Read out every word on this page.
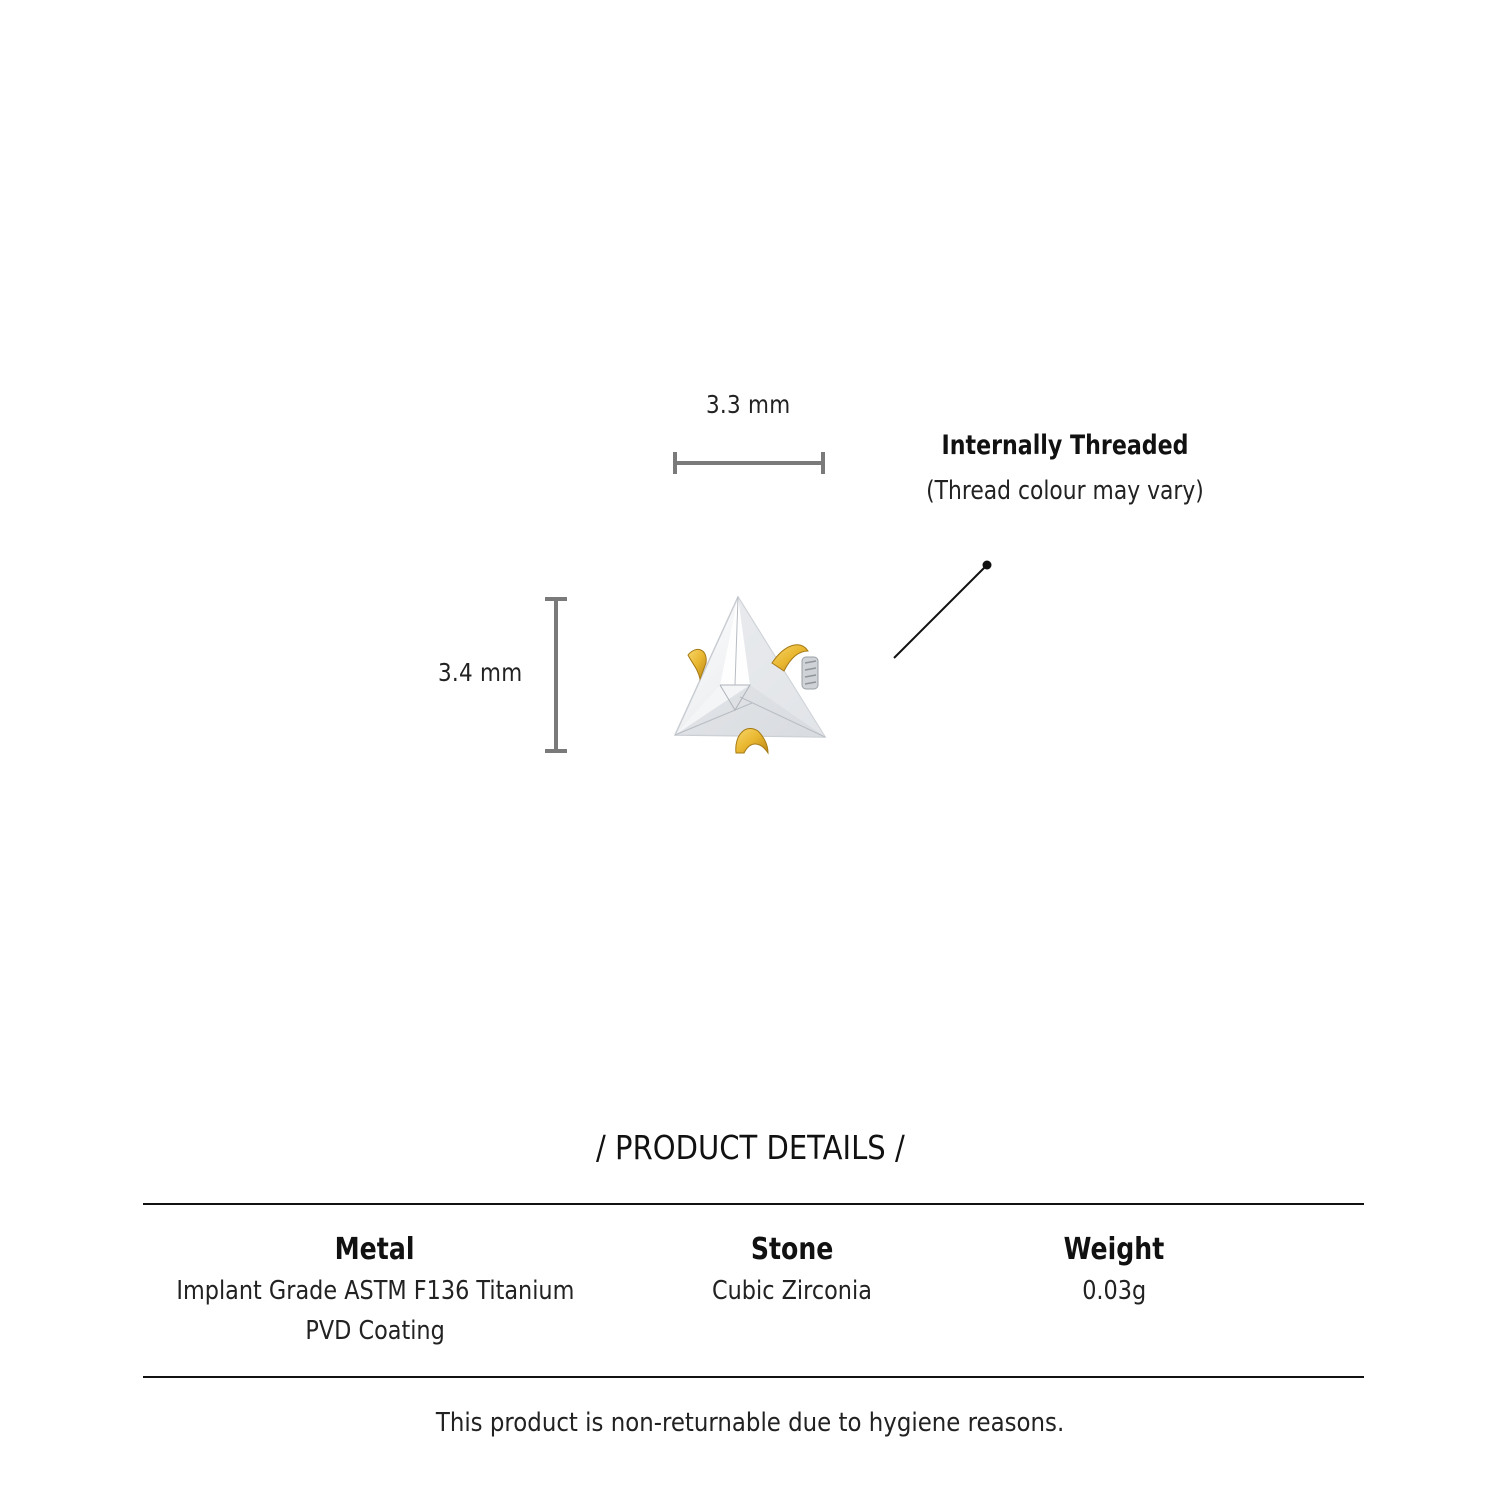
3.3 mm
3.4 mm
Internally Threaded
(Thread colour may vary)
/ PRODUCT DETAILS /
Metal
Implant Grade ASTM F136 Titanium
PVD Coating
Stone
Cubic Zirconia
Weight
0.03g
This product is non-returnable due to hygiene reasons.
